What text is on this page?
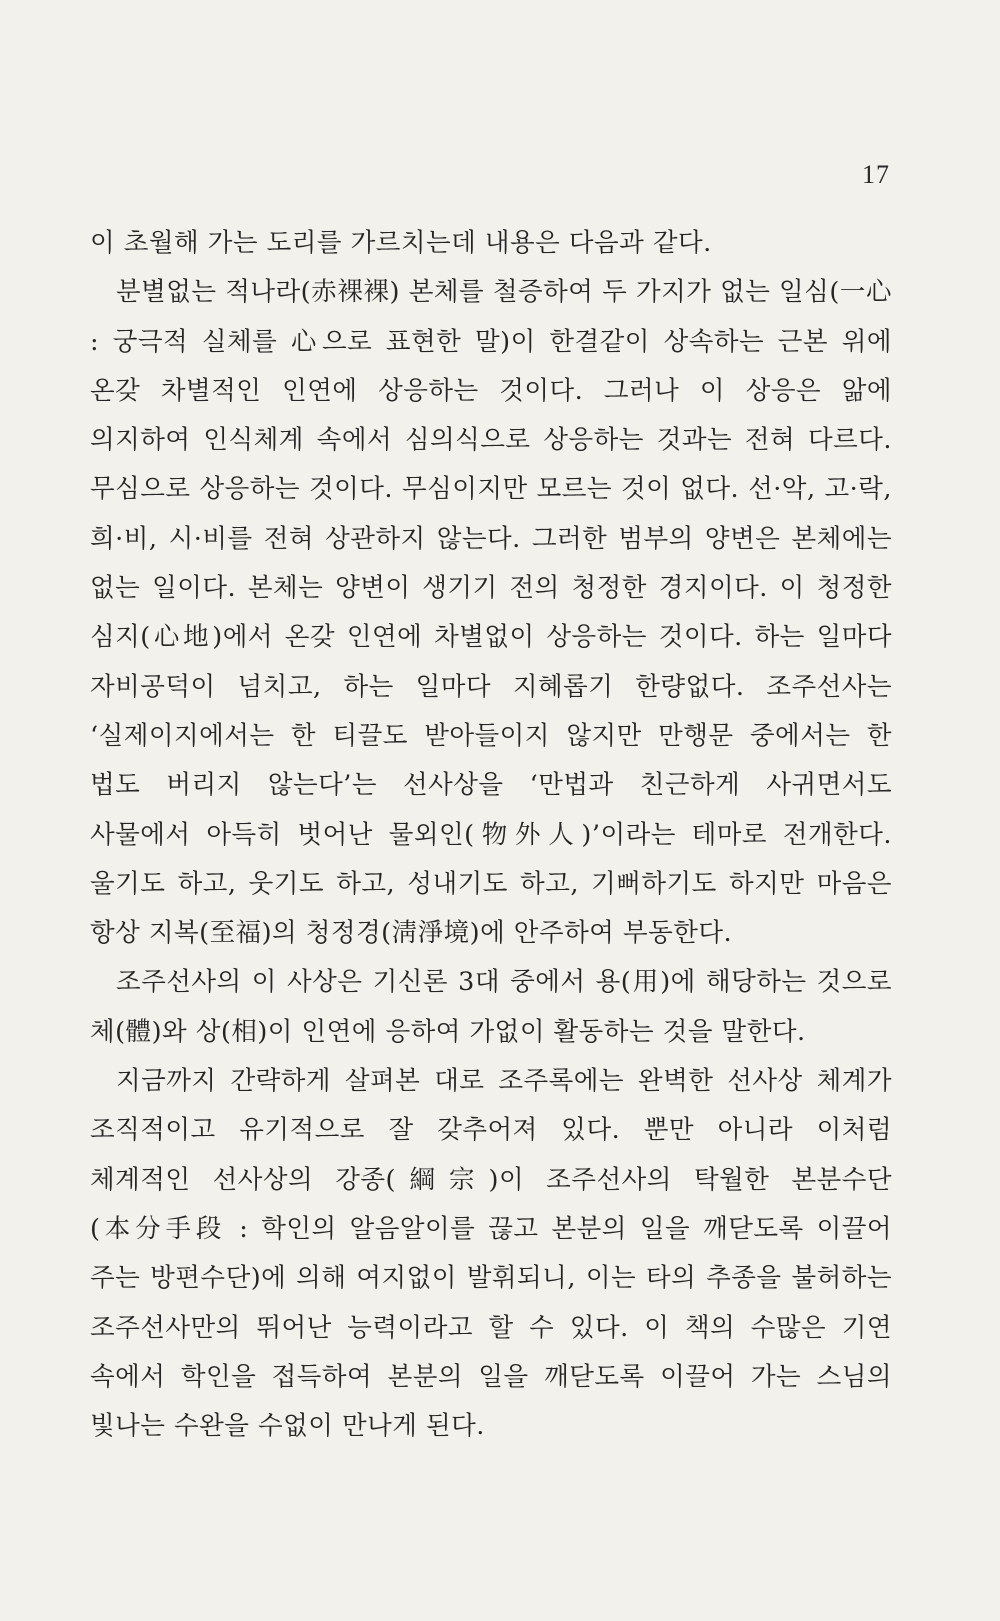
17

이 초월해 가는 도리를 가르치는데 내용은 다음과 같다.

분별없는 적나라(赤裸裸) 본체를 철증하여 두 가지가 없는 일심(一心 : 궁극적 실체를 心으로 표현한 말)이 한결같이 상속하는 근본 위에 온갖 차별적인 인연에 상응하는 것이다. 그러나 이 상응은 앎에 의지하여 인식체계 속에서 심의식으로 상응하는 것과는 전혀 다르다. 무심으로 상응하는 것이다. 무심이지만 모르는 것이 없다. 선·악, 고·락, 희·비, 시·비를 전혀 상관하지 않는다. 그러한 범부의 양변은 본체에는 없는 일이다. 본체는 양변이 생기기 전의 청정한 경지이다. 이 청정한 심지(心地)에서 온갖 인연에 차별없이 상응하는 것이다. 하는 일마다 자비공덕이 넘치고, 하는 일마다 지혜롭기 한량없다. 조주선사는 ‘실제이지에서는 한 티끌도 받아들이지 않지만 만행문 중에서는 한 법도 버리지 않는다’는 선사상을 ‘만법과 친근하게 사귀면서도 사물에서 아득히 벗어난 물외인(物外人)’이라는 테마로 전개한다. 울기도 하고, 웃기도 하고, 성내기도 하고, 기뻐하기도 하지만 마음은 항상 지복(至福)의 청정경(淸淨境)에 안주하여 부동한다.

조주선사의 이 사상은 기신론 3대 중에서 용(用)에 해당하는 것으로 체(體)와 상(相)이 인연에 응하여 가없이 활동하는 것을 말한다.

지금까지 간략하게 살펴본 대로 조주록에는 완벽한 선사상 체계가 조직적이고 유기적으로 잘 갖추어져 있다. 뿐만 아니라 이처럼 체계적인 선사상의 강종(綱宗)이 조주선사의 탁월한 본분수단(本分手段 : 학인의 알음알이를 끊고 본분의 일을 깨닫도록 이끌어 주는 방편수단)에 의해 여지없이 발휘되니, 이는 타의 추종을 불허하는 조주선사만의 뛰어난 능력이라고 할 수 있다. 이 책의 수많은 기연 속에서 학인을 접득하여 본분의 일을 깨닫도록 이끌어 가는 스님의 빛나는 수완을 수없이 만나게 된다.
